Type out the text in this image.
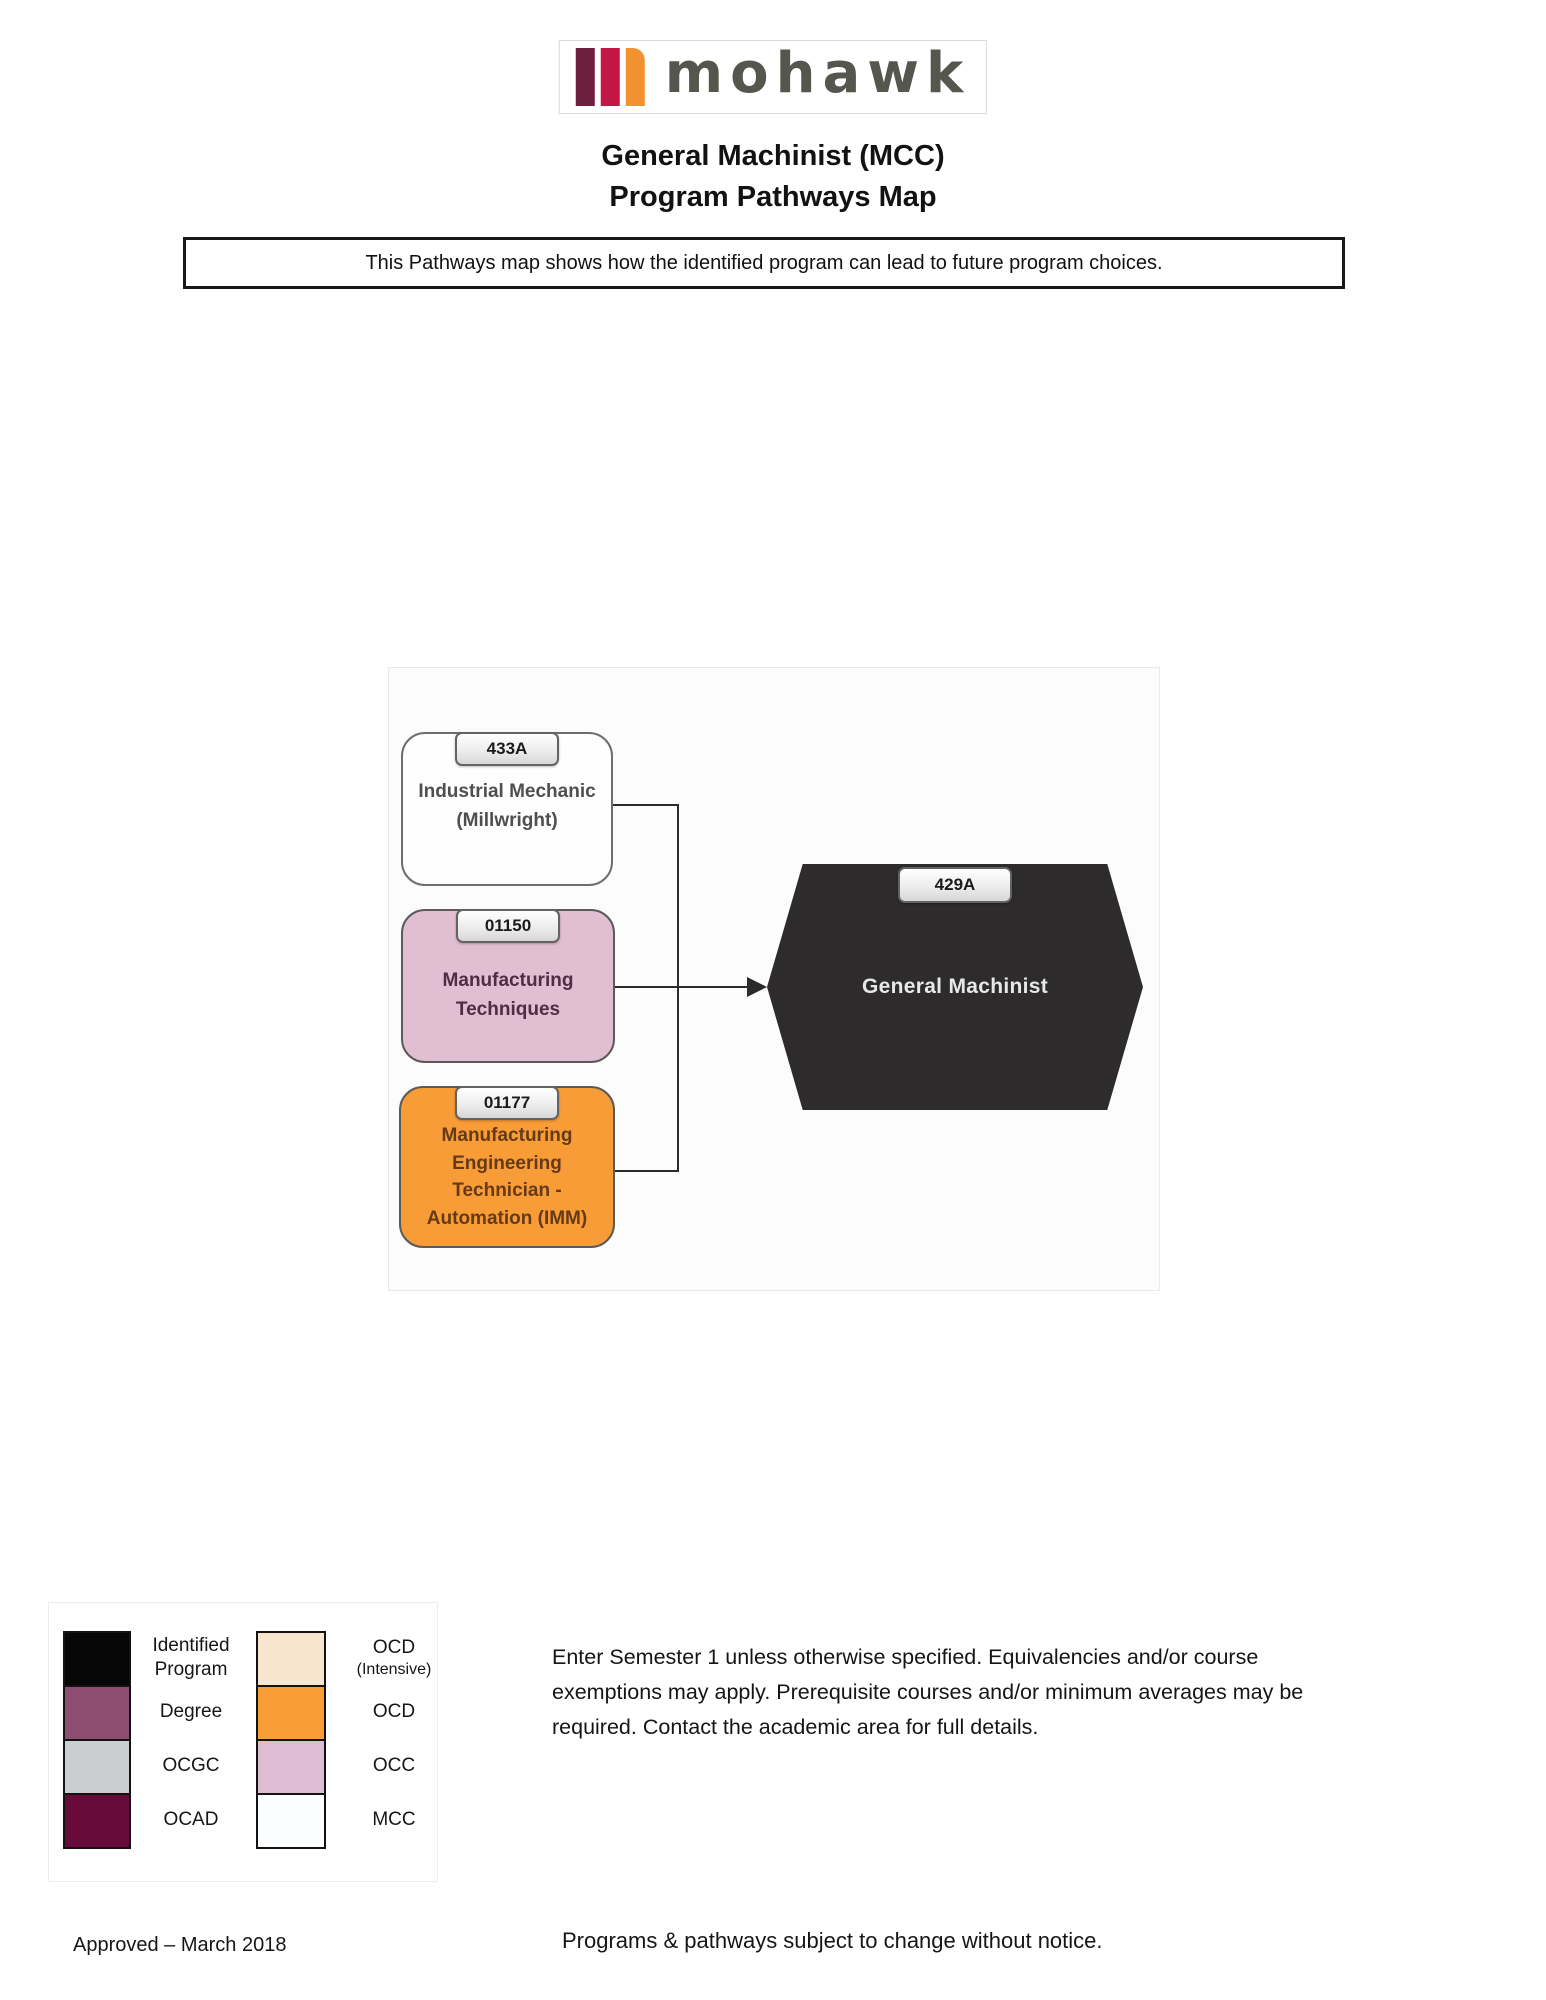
mohawk
General Machinist (MCC)
Program Pathways Map
This Pathways map shows how the identified program can lead to future program choices.
433A
Industrial Mechanic (Millwright)
01150
Manufacturing Techniques
01177
Manufacturing Engineering Technician - Automation (IMM)
429A
General Machinist
Identified Program
Degree
OCGC
OCAD
OCD
(Intensive)
OCD
OCC
MCC
Enter Semester 1 unless otherwise specified. Equivalencies and/or course exemptions may apply. Prerequisite courses and/or minimum averages may be required. Contact the academic area for full details.
Approved – March 2018	Programs & pathways subject to change without notice.
